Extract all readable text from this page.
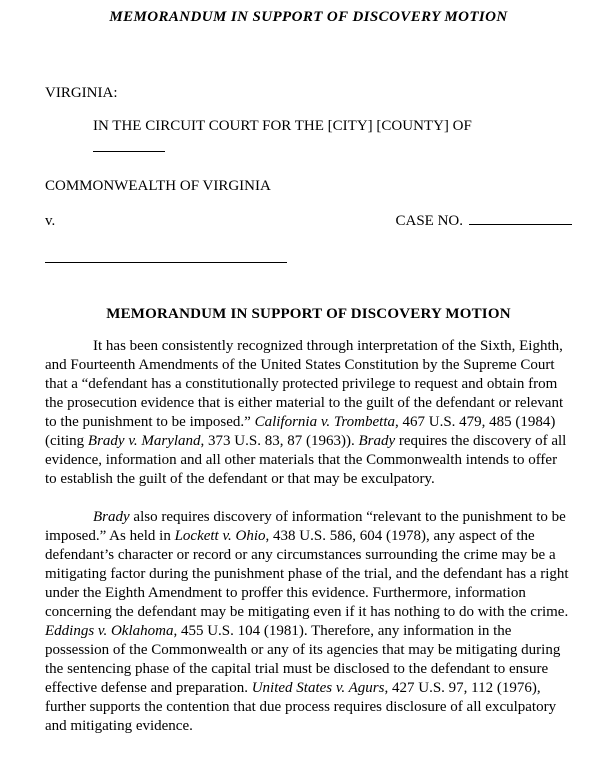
MEMORANDUM IN SUPPORT OF DISCOVERY MOTION
VIRGINIA:
IN THE CIRCUIT COURT FOR THE [CITY] [COUNTY] OF
COMMONWEALTH OF VIRGINIA
v.	CASE NO.
MEMORANDUM IN SUPPORT OF DISCOVERY MOTION

It has been consistently recognized through interpretation of the Sixth, Eighth, and Fourteenth Amendments of the United States Constitution by the Supreme Court that a “defendant has a constitutionally protected privilege to request and obtain from the prosecution evidence that is either material to the guilt of the defendant or relevant to the punishment to be imposed.” California v. Trombetta, 467 U.S. 479, 485 (1984) (citing Brady v. Maryland, 373 U.S. 83, 87 (1963)). Brady requires the discovery of all evidence, information and all other materials that the Commonwealth intends to offer to establish the guilt of the defendant or that may be exculpatory.

Brady also requires discovery of information “relevant to the punishment to be imposed.” As held in Lockett v. Ohio, 438 U.S. 586, 604 (1978), any aspect of the defendant’s character or record or any circumstances surrounding the crime may be a mitigating factor during the punishment phase of the trial, and the defendant has a right under the Eighth Amendment to proffer this evidence. Furthermore, information concerning the defendant may be mitigating even if it has nothing to do with the crime. Eddings v. Oklahoma, 455 U.S. 104 (1981). Therefore, any information in the possession of the Commonwealth or any of its agencies that may be mitigating during the sentencing phase of the capital trial must be disclosed to the defendant to ensure effective defense and preparation. United States v. Agurs, 427 U.S. 97, 112 (1976), further supports the contention that due process requires disclosure of all exculpatory and mitigating evidence.
